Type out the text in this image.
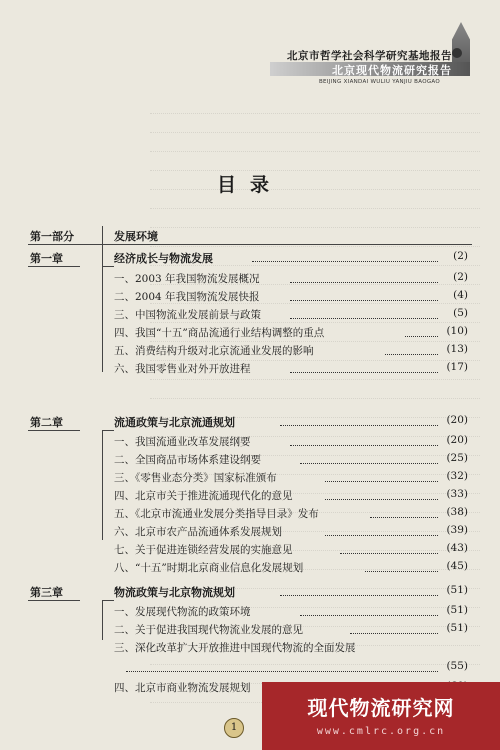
北京市哲学社会科学研究基地报告
北京现代物流研究报告
BEIJING XIANDAI WULIU YANJIU BAOGAO
目录
第一部分	发展环境
第一章	经济成长与物流发展	(2)
一、2003 年我国物流发展概况	(2)
二、2004 年我国物流发展快报	(4)
三、中国物流业发展前景与政策	(5)
四、我国“十五”商品流通行业结构调整的重点	(10)
五、消费结构升级对北京流通业发展的影响	(13)
六、我国零售业对外开放进程	(17)
第二章	流通政策与北京流通规划	(20)
一、我国流通业改革发展纲要	(20)
二、全国商品市场体系建设纲要	(25)
三、《零售业态分类》国家标准颁布	(32)
四、北京市关于推进流通现代化的意见	(33)
五、《北京市流通业发展分类指导目录》发布	(38)
六、北京市农产品流通体系发展规划	(39)
七、关于促进连锁经营发展的实施意见	(43)
八、“十五”时期北京商业信息化发展规划	(45)
第三章	物流政策与北京物流规划	(51)
一、发展现代物流的政策环境	(51)
二、关于促进我国现代物流业发展的意见	(51)
三、深化改革扩大开放推进中国现代物流的全面发展
(55)
四、北京市商业物流发展规划
1
现代物流研究网
www.cmlrc.org.cn
